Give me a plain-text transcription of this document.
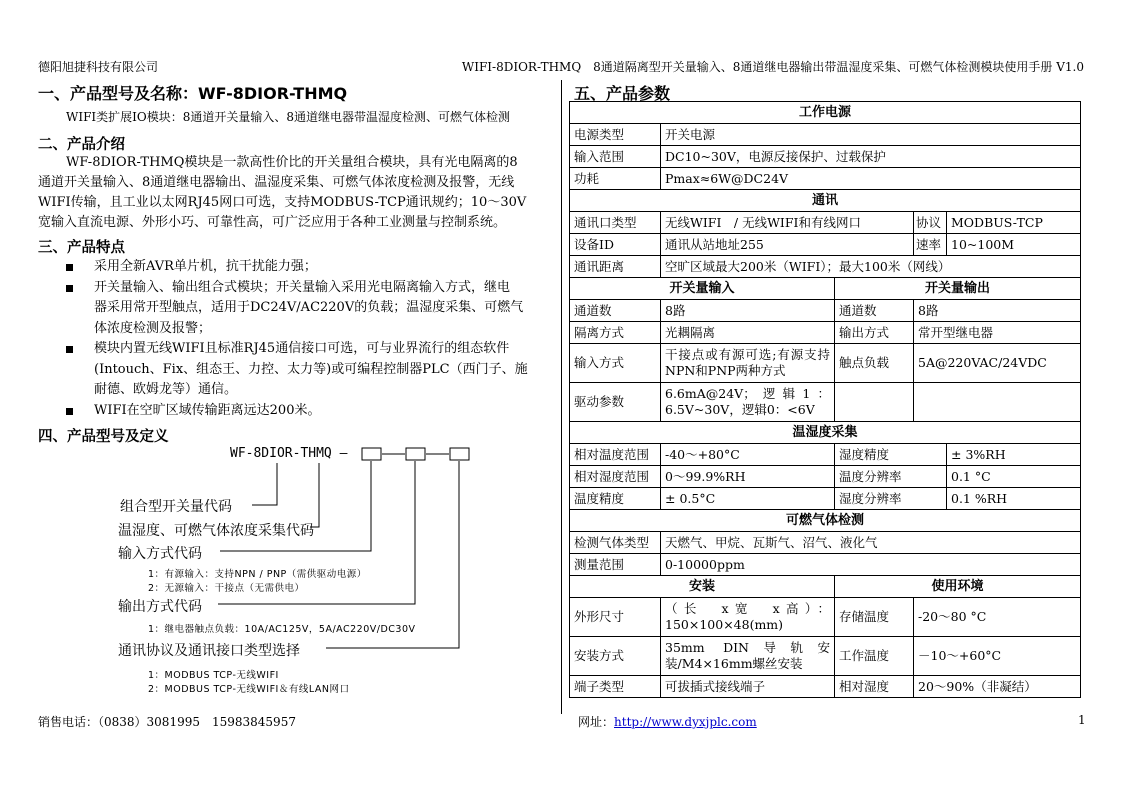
德阳旭捷科技有限公司	WIFI-8DIOR-THMQ　8通道隔离型开关量输入、8通道继电器输出带温湿度采集、可燃气体检测模块使用手册 V1.0
一、产品型号及名称：WF-8DIOR-THMQ
WIFI类扩展IO模块：8通道开关量输入、8通道继电器带温湿度检测、可燃气体检测
二、产品介绍
WF-8DIOR-THMQ模块是一款高性价比的开关量组合模块，具有光电隔离的8
通道开关量输入、8通道继电器输出、温湿度采集、可燃气体浓度检测及报警，无线
WIFI传输，且工业以太网RJ45网口可选，支持MODBUS-TCP通讯规约；10～30V
宽输入直流电源、外形小巧、可靠性高，可广泛应用于各种工业测量与控制系统。
三、产品特点
采用全新AVR单片机，抗干扰能力强；
开关量输入、输出组合式模块；开关量输入采用光电隔离输入方式，继电
器采用常开型触点，适用于DC24V/AC220V的负载；温湿度采集、可燃气
体浓度检测及报警；
模块内置无线WIFI且标准RJ45通信接口可选，可与业界流行的组态软件
(Intouch、Fix、组态王、力控、太力等)或可编程控制器PLC（西门子、施
耐德、欧姆龙等）通信。
WIFI在空旷区域传输距离远达200米。
四、产品型号及定义
WF-8DIOR-THMQ —
组合型开关量代码
温湿度、可燃气体浓度采集代码
输入方式代码
1：有源输入：支持NPN / PNP（需供驱动电源）
2：无源输入：干接点（无需供电）
输出方式代码
1：继电器触点负载：10A/AC125V，5A/AC220V/DC30V
通讯协议及通讯接口类型选择
1：MODBUS TCP-无线WIFI
2：MODBUS TCP-无线WIFI＆有线LAN网口
五、产品参数
工作电源				
电源类型	开关电源			
输入范围	DC10~30V，电源反接保护、过载保护			
功耗	Pmax≈6W@DC24V			
通讯				
通讯口类型	无线WIFI　/ 无线WIFI和有线网口		协议	MODBUS-TCP
设备ID	通讯从站地址255		速率	10~100M
通讯距离	空旷区域最大200米（WIFI）；最大100米（网线）			
开关量输入		开关量输出		
通道数	8路	通道数	8路	
隔离方式	光耦隔离	输出方式	常开型继电器	
输入方式	干接点或有源可选;有源支持NPN和PNP两种方式	触点负载	5A@220VAC/24VDC	
驱动参数	6.6mA@24V；逻辑1：6.5V~30V，逻辑0：<6V			
温湿度采集				
相对温度范围	-40～+80°C	湿度精度		± 3%RH
相对湿度范围	0～99.9%RH	温度分辨率		0.1 °C
温度精度	± 0.5°C	湿度分辨率		0.1 %RH
可燃气体检测				
检测气体类型	天燃气、甲烷、瓦斯气、沼气、液化气			
测量范围	0-10000ppm			
安装		使用环境		
外形尺寸	（长　x宽　x高）：150×100×48(mm)	存储温度	-20～80 °C	
安装方式	35mm DIN导轨安装/M4×16mm螺丝安装	工作温度	－10～+60°C	
端子类型	可拔插式接线端子	相对湿度	20～90%（非凝结）	
销售电话：（0838）3081995　15983845957	网址：http://www.dyxjplc.com	1
